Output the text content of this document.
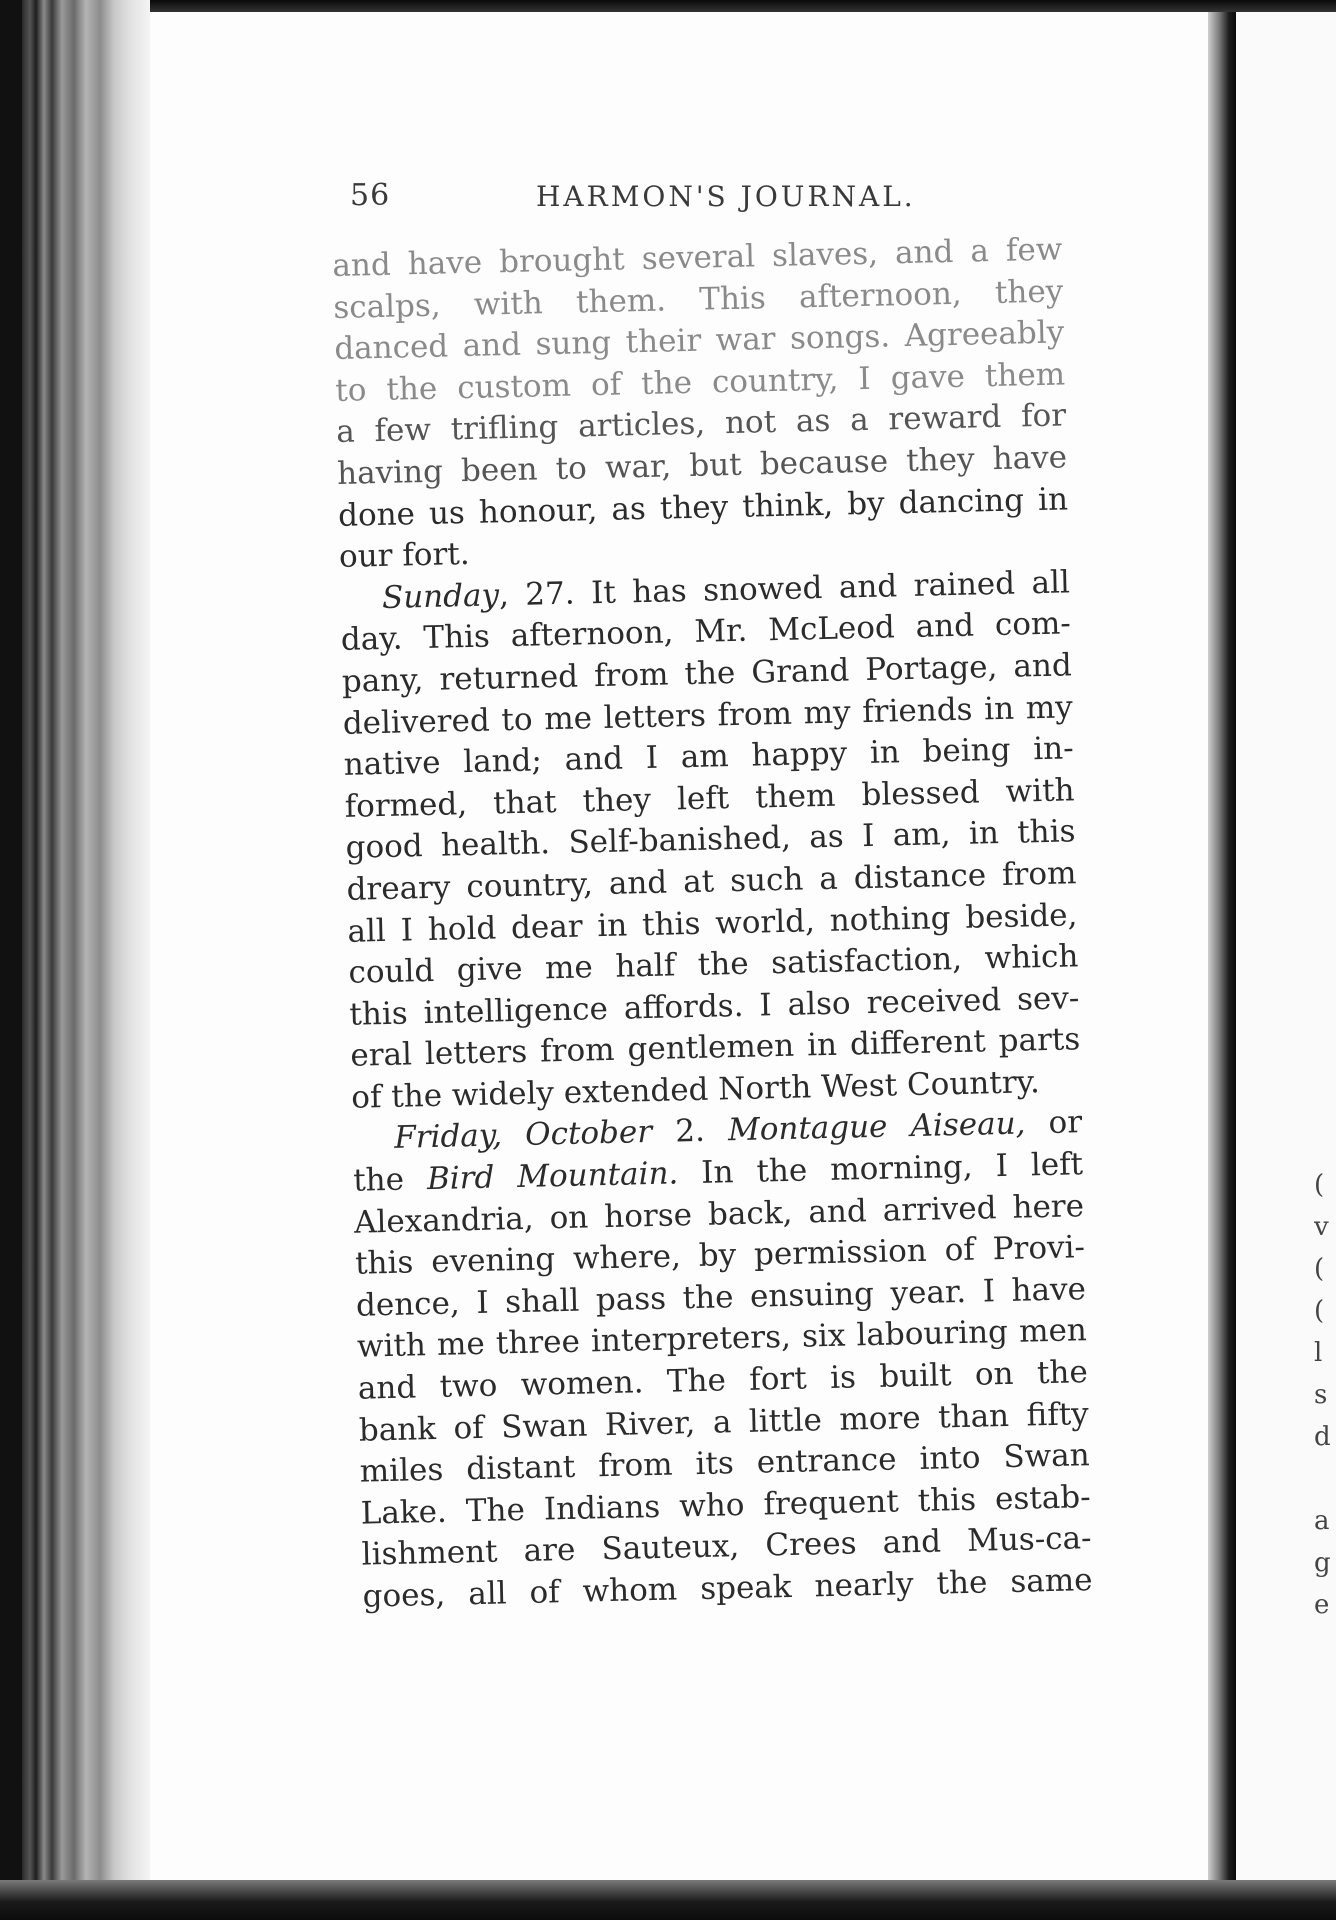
(
v
(
(
l
s
d
a
g
e
56	HARMON'S JOURNAL.
and have brought several slaves, and a few
scalps, with them. This afternoon, they
danced and sung their war songs. Agreeably
to the custom of the country, I gave them
a few trifling articles, not as a reward for
having been to war, but because they have
done us honour, as they think, by dancing in
our fort.
Sunday, 27. It has snowed and rained all
day. This afternoon, Mr. McLeod and com-
pany, returned from the Grand Portage, and
delivered to me letters from my friends in my
native land; and I am happy in being in-
formed, that they left them blessed with
good health. Self-banished, as I am, in this
dreary country, and at such a distance from
all I hold dear in this world, nothing beside,
could give me half the satisfaction, which
this intelligence affords. I also received sev-
eral letters from gentlemen in different parts
of the widely extended North West Country.
Friday, October 2. Montague Aiseau, or
the Bird Mountain. In the morning, I left
Alexandria, on horse back, and arrived here
this evening where, by permission of Provi-
dence, I shall pass the ensuing year. I have
with me three interpreters, six labouring men
and two women. The fort is built on the
bank of Swan River, a little more than fifty
miles distant from its entrance into Swan
Lake. The Indians who frequent this estab-
lishment are Sauteux, Crees and Mus-ca-
goes, all of whom speak nearly the same
